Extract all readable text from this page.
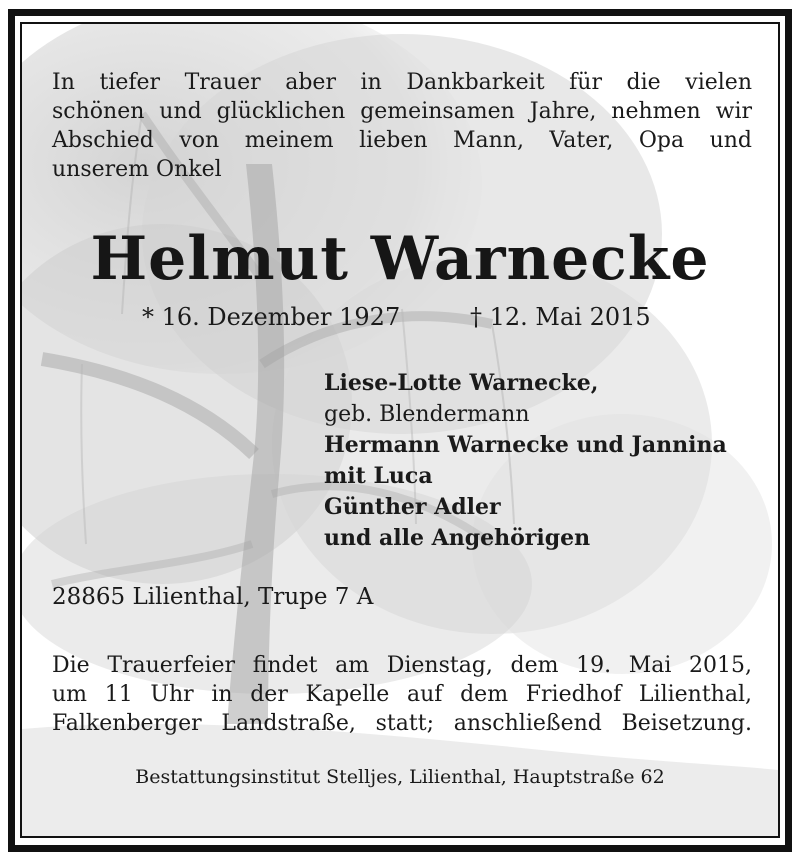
In tiefer Trauer aber in Dankbarkeit für die vielen
schönen und glücklichen gemeinsamen Jahre, nehmen wir
Abschied von meinem lieben Mann, Vater, Opa und
unserem Onkel
Helmut Warnecke
* 16. Dezember 1927	† 12. Mai 2015
Liese-Lotte Warnecke,
geb. Blendermann
Hermann Warnecke und Jannina
mit Luca
Günther Adler
und alle Angehörigen
28865 Lilienthal, Trupe 7 A
Die Trauerfeier findet am Dienstag, dem 19. Mai 2015,
um 11 Uhr in der Kapelle auf dem Friedhof Lilienthal,
Falkenberger Landstraße, statt; anschließend Beisetzung.
Bestattungsinstitut Stelljes, Lilienthal, Hauptstraße 62
